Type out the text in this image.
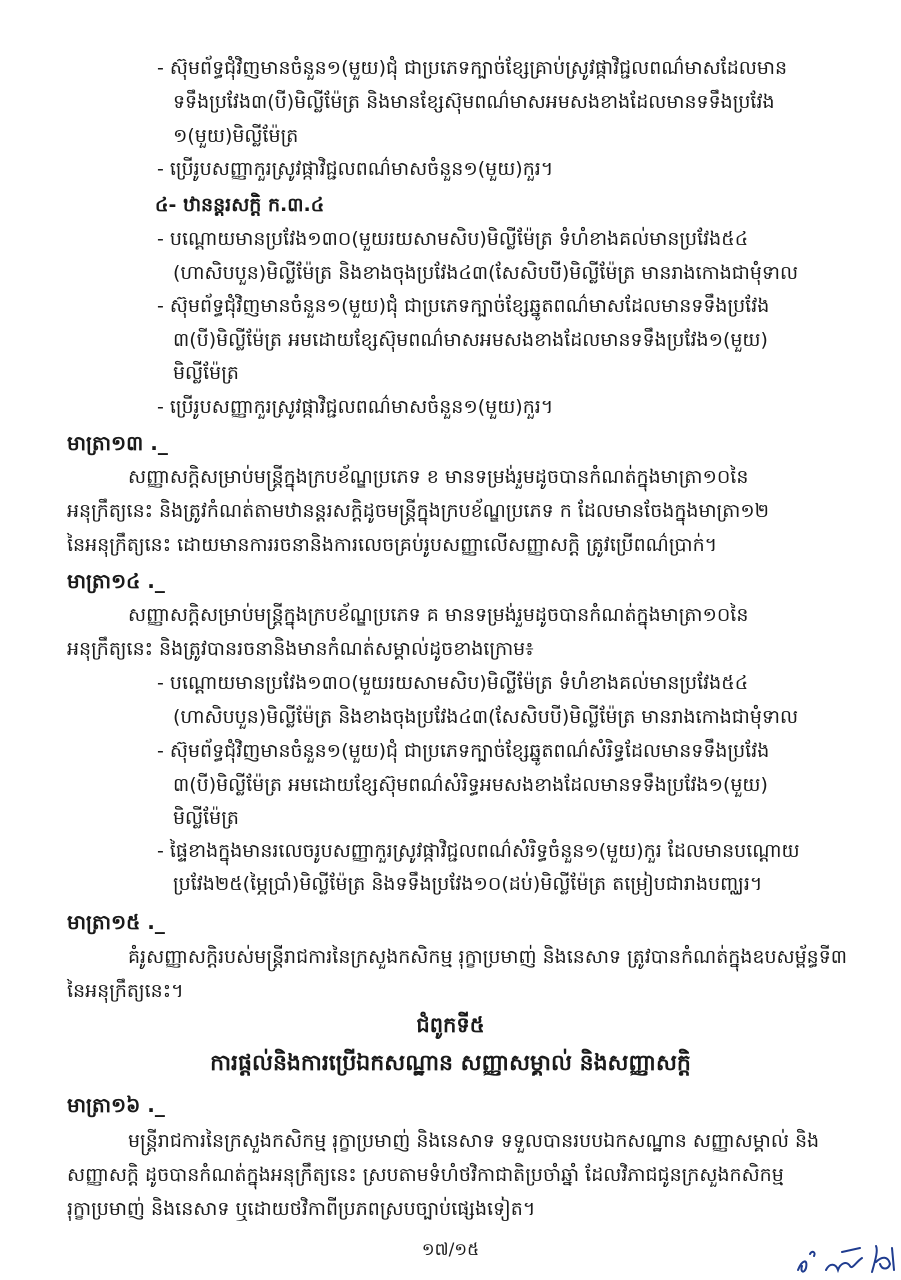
- ស៊ុមព័ទ្ធជុំវិញមានចំនួន១(មួយ)ជុំ ជាប្រភេទក្បាច់ខ្សែគ្រាប់ស្រូវផ្កាវិជ្ជលពណ៌មាសដែលមាន
ទទឹងប្រវែង៣(បី)មិល្លីម៉ែត្រ និងមានខ្សែស៊ុមពណ៌មាសអមសងខាងដែលមានទទឹងប្រវែង
១(មួយ)មិល្លីម៉ែត្រ
- ប្រើរូបសញ្ញាកួរស្រូវផ្កាវិជ្ជលពណ៌មាសចំនួន១(មួយ)កួរ។
៤- ឋានន្តរសក្តិ ក.៣.៤
- បណ្តោយមានប្រវែង១៣០(មួយរយសាមសិប)មិល្លីម៉ែត្រ ទំហំខាងគល់មានប្រវែង៥៤
(ហាសិបបួន)មិល្លីម៉ែត្រ និងខាងចុងប្រវែង៤៣(សែសិបបី)មិល្លីម៉ែត្រ មានរាងកោងជាមុំទាល
- ស៊ុមព័ទ្ធជុំវិញមានចំនួន១(មួយ)ជុំ ជាប្រភេទក្បាច់ខ្សែឆ្នូតពណ៌មាសដែលមានទទឹងប្រវែង
៣(បី)មិល្លីម៉ែត្រ អមដោយខ្សែស៊ុមពណ៌មាសអមសងខាងដែលមានទទឹងប្រវែង១(មួយ)
មិល្លីម៉ែត្រ
- ប្រើរូបសញ្ញាកួរស្រូវផ្កាវិជ្ជលពណ៌មាសចំនួន១(មួយ)កួរ។
មាត្រា១៣ ._
សញ្ញាសក្តិសម្រាប់មន្ត្រីក្នុងក្របខ័ណ្ឌប្រភេទ ខ មានទម្រង់រួមដូចបានកំណត់ក្នុងមាត្រា១០នៃ
អនុក្រឹត្យនេះ និងត្រូវកំណត់តាមឋានន្តរសក្តិដូចមន្ត្រីក្នុងក្របខ័ណ្ឌប្រភេទ ក ដែលមានចែងក្នុងមាត្រា១២
នៃអនុក្រឹត្យនេះ ដោយមានការរចនានិងការលេចគ្រប់រូបសញ្ញាលើសញ្ញាសក្តិ ត្រូវប្រើពណ៌ប្រាក់។
មាត្រា១៤ ._
សញ្ញាសក្តិសម្រាប់មន្ត្រីក្នុងក្របខ័ណ្ឌប្រភេទ គ មានទម្រង់រួមដូចបានកំណត់ក្នុងមាត្រា១០នៃ
អនុក្រឹត្យនេះ និងត្រូវបានរចនានិងមានកំណត់សម្គាល់ដូចខាងក្រោម៖
- បណ្តោយមានប្រវែង១៣០(មួយរយសាមសិប)មិល្លីម៉ែត្រ ទំហំខាងគល់មានប្រវែង៥៤
(ហាសិបបួន)មិល្លីម៉ែត្រ និងខាងចុងប្រវែង៤៣(សែសិបបី)មិល្លីម៉ែត្រ មានរាងកោងជាមុំទាល
- ស៊ុមព័ទ្ធជុំវិញមានចំនួន១(មួយ)ជុំ ជាប្រភេទក្បាច់ខ្សែឆ្នូតពណ៌សំរិទ្ធដែលមានទទឹងប្រវែង
៣(បី)មិល្លីម៉ែត្រ អមដោយខ្សែស៊ុមពណ៌សំរិទ្ធអមសងខាងដែលមានទទឹងប្រវែង១(មួយ)
មិល្លីម៉ែត្រ
- ផ្ទៃខាងក្នុងមានរលេចរូបសញ្ញាកួរស្រូវផ្កាវិជ្ជលពណ៌សំរិទ្ធចំនួន១(មួយ)កួរ ដែលមានបណ្តោយ
ប្រវែង២៥(ម្ភៃប្រាំ)មិល្លីម៉ែត្រ និងទទឹងប្រវែង១០(ដប់)មិល្លីម៉ែត្រ តម្រៀបជារាងបញ្ឈរ។
មាត្រា១៥ ._
គំរូសញ្ញាសក្តិរបស់មន្ត្រីរាជការនៃក្រសួងកសិកម្ម រុក្ខាប្រមាញ់ និងនេសាទ ត្រូវបានកំណត់ក្នុងឧបសម្ព័ន្ធទី៣
នៃអនុក្រឹត្យនេះ។
ជំពូកទី៥
ការផ្តល់និងការប្រើឯកសណ្ឋាន សញ្ញាសម្គាល់ និងសញ្ញាសក្តិ
មាត្រា១៦ ._
មន្ត្រីរាជការនៃក្រសួងកសិកម្ម រុក្ខាប្រមាញ់ និងនេសាទ ទទួលបានរបបឯកសណ្ឋាន សញ្ញាសម្គាល់ និង
សញ្ញាសក្តិ ដូចបានកំណត់ក្នុងអនុក្រឹត្យនេះ ស្របតាមទំហំថវិកាជាតិប្រចាំឆ្នាំ ដែលវិភាជជូនក្រសួងកសិកម្ម
រុក្ខាប្រមាញ់ និងនេសាទ ឬដោយថវិកាពីប្រភពស្របច្បាប់ផ្សេងទៀត។
១៧/១៥
